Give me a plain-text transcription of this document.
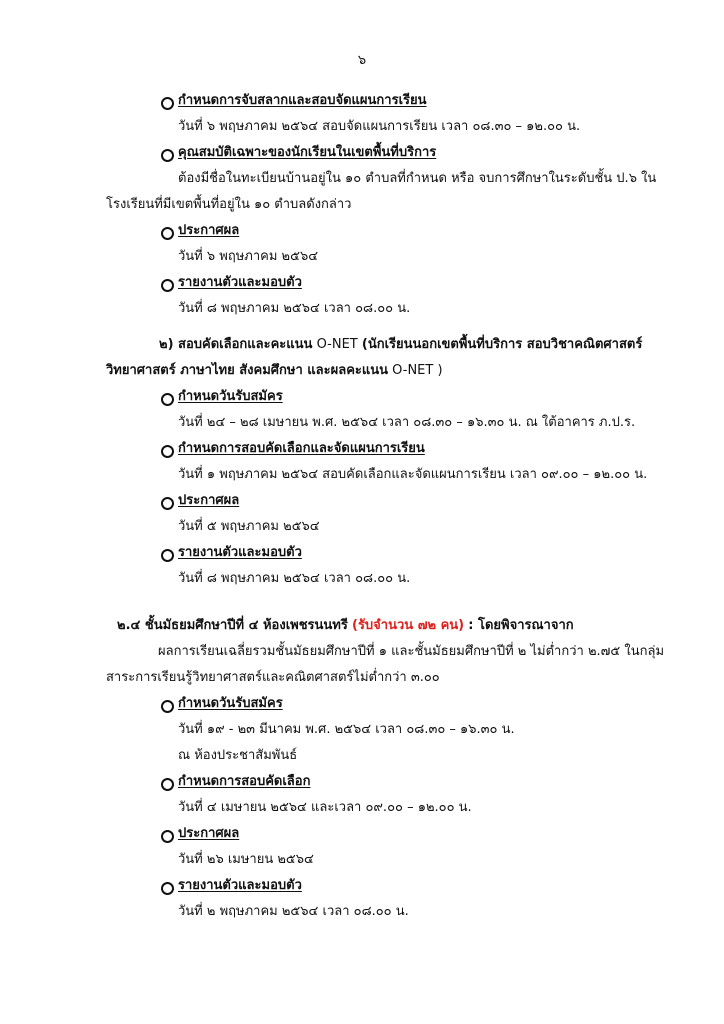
๖
กำหนดการจับสลากและสอบจัดแผนการเรียน
วันที่ ๖ พฤษภาคม ๒๕๖๔ สอบจัดแผนการเรียน เวลา ๐๘.๓๐ – ๑๒.๐๐ น.
คุณสมบัติเฉพาะของนักเรียนในเขตพื้นที่บริการ
ต้องมีชื่อในทะเบียนบ้านอยู่ใน ๑๐ ตำบลที่กำหนด หรือ จบการศึกษาในระดับชั้น ป.๖ ใน
โรงเรียนที่มีเขตพื้นที่อยู่ใน ๑๐ ตำบลดังกล่าว
ประกาศผล
วันที่ ๖ พฤษภาคม ๒๕๖๔
รายงานตัวและมอบตัว
วันที่ ๘ พฤษภาคม ๒๕๖๔ เวลา ๐๘.๐๐ น.
๒) สอบคัดเลือกและคะแนน O-NET (นักเรียนนอกเขตพื้นที่บริการ สอบวิชาคณิตศาสตร์
วิทยาศาสตร์ ภาษาไทย สังคมศึกษา และผลคะแนน O-NET )
กำหนดวันรับสมัคร
วันที่ ๒๔ – ๒๘ เมษายน พ.ศ. ๒๕๖๔ เวลา ๐๘.๓๐ – ๑๖.๓๐ น. ณ ใต้อาคาร ภ.ป.ร.
กำหนดการสอบคัดเลือกและจัดแผนการเรียน
วันที่ ๑ พฤษภาคม ๒๕๖๔ สอบคัดเลือกและจัดแผนการเรียน เวลา ๐๙.๐๐ – ๑๒.๐๐ น.
ประกาศผล
วันที่ ๕ พฤษภาคม ๒๕๖๔
รายงานตัวและมอบตัว
วันที่ ๘ พฤษภาคม ๒๕๖๔ เวลา ๐๘.๐๐ น.
๒.๔ ชั้นมัธยมศึกษาปีที่ ๔ ห้องเพชรนนทรี (รับจำนวน ๗๒ คน) : โดยพิจารณาจาก
ผลการเรียนเฉลี่ยรวมชั้นมัธยมศึกษาปีที่ ๑ และชั้นมัธยมศึกษาปีที่ ๒ ไม่ต่ำกว่า ๒.๗๕ ในกลุ่ม
สาระการเรียนรู้วิทยาศาสตร์และคณิตศาสตร์ไม่ต่ำกว่า ๓.๐๐
กำหนดวันรับสมัคร
วันที่ ๑๙ - ๒๓ มีนาคม พ.ศ. ๒๕๖๔ เวลา ๐๘.๓๐ – ๑๖.๓๐ น.
ณ ห้องประชาสัมพันธ์
กำหนดการสอบคัดเลือก
วันที่ ๔ เมษายน ๒๕๖๔ และเวลา ๐๙.๐๐ – ๑๒.๐๐ น.
ประกาศผล
วันที่ ๒๖ เมษายน ๒๕๖๔
รายงานตัวและมอบตัว
วันที่ ๒ พฤษภาคม ๒๕๖๔ เวลา ๐๘.๐๐ น.
